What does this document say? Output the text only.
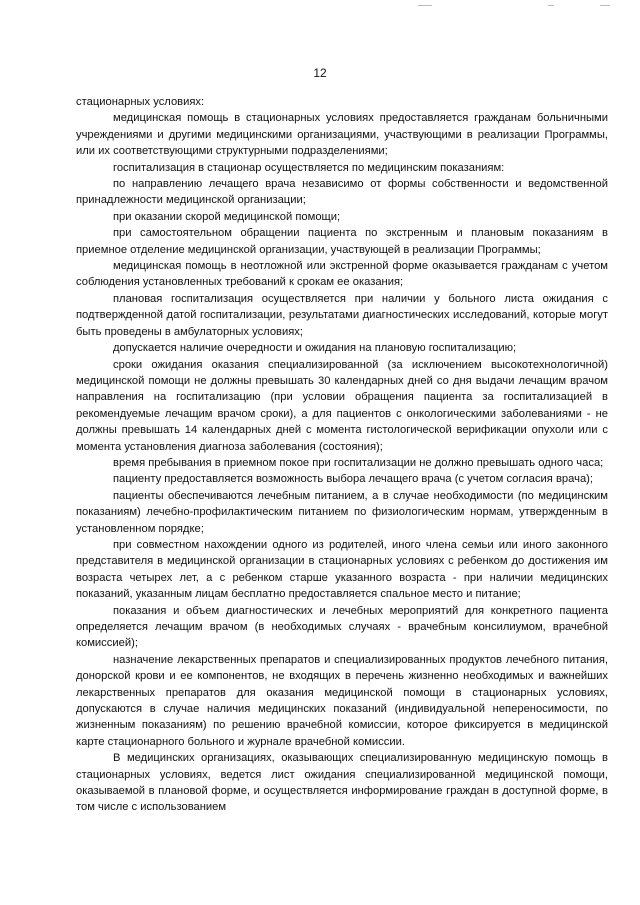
12

стационарных условиях:

медицинская помощь в стационарных условиях предоставляется гражданам больничными учреждениями и другими медицинскими организациями, участвующими в реализации Программы, или их соответствующими структурными подразделениями;

госпитализация в стационар осуществляется по медицинским показаниям:

по направлению лечащего врача независимо от формы собственности и ведомственной принадлежности медицинской организации;

при оказании скорой медицинской помощи;

при самостоятельном обращении пациента по экстренным и плановым показаниям в приемное отделение медицинской организации, участвующей в реализации Программы;

медицинская помощь в неотложной или экстренной форме оказывается гражданам с учетом соблюдения установленных требований к срокам ее оказания;

плановая госпитализация осуществляется при наличии у больного листа ожидания с подтвержденной датой госпитализации, результатами диагностических исследований, которые могут быть проведены в амбулаторных условиях;

допускается наличие очередности и ожидания на плановую госпитализацию;

сроки ожидания оказания специализированной (за исключением высокотехнологичной) медицинской помощи не должны превышать 30 календарных дней со дня выдачи лечащим врачом направления на госпитализацию (при условии обращения пациента за госпитализацией в рекомендуемые лечащим врачом сроки), а для пациентов с онкологическими заболеваниями - не должны превышать 14 календарных дней с момента гистологической верификации опухоли или с момента установления диагноза заболевания (состояния);

время пребывания в приемном покое при госпитализации не должно превышать одного часа;

пациенту предоставляется возможность выбора лечащего врача (с учетом согласия врача);

пациенты обеспечиваются лечебным питанием, а в случае необходимости (по медицинским показаниям) лечебно-профилактическим питанием по физиологическим нормам, утвержденным в установленном порядке;

при совместном нахождении одного из родителей, иного члена семьи или иного законного представителя в медицинской организации в стационарных условиях с ребенком до достижения им возраста четырех лет, а с ребенком старше указанного возраста - при наличии медицинских показаний, указанным лицам бесплатно предоставляется спальное место и питание;

показания и объем диагностических и лечебных мероприятий для конкретного пациента определяется лечащим врачом (в необходимых случаях - врачебным консилиумом, врачебной комиссией);

назначение лекарственных препаратов и специализированных продуктов лечебного питания, донорской крови и ее компонентов, не входящих в перечень жизненно необходимых и важнейших лекарственных препаратов для оказания медицинской помощи в стационарных условиях, допускаются в случае наличия медицинских показаний (индивидуальной непереносимости, по жизненным показаниям) по решению врачебной комиссии, которое фиксируется в медицинской карте стационарного больного и журнале врачебной комиссии.

В медицинских организациях, оказывающих специализированную медицинскую помощь в стационарных условиях, ведется лист ожидания специализированной медицинской помощи, оказываемой в плановой форме, и осуществляется информирование граждан в доступной форме, в том числе с использованием
